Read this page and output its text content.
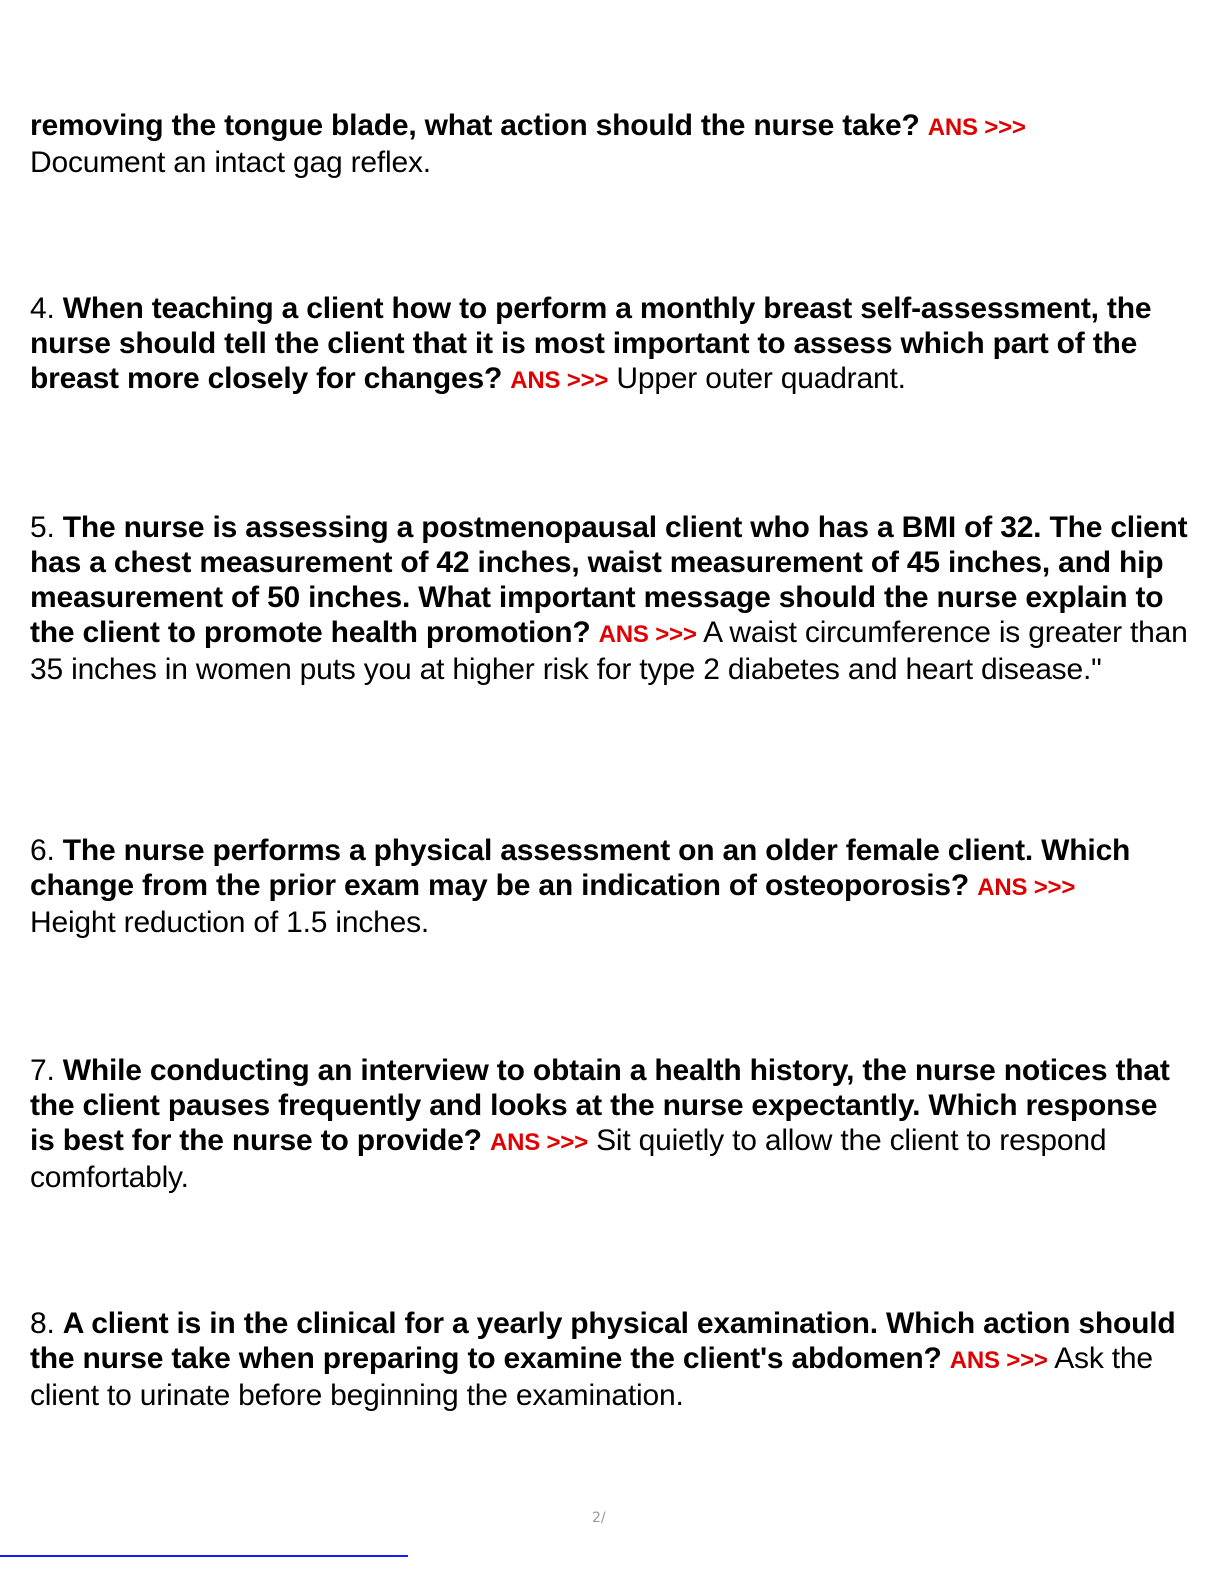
removing the tongue blade, what action should the nurse take? ANS >>>
Document an intact gag reflex.

4. When teaching a client how to perform a monthly breast self-assessment, the nurse should tell the client that it is most important to assess which part of the breast more closely for changes? ANS >>> Upper outer quadrant.

5. The nurse is assessing a postmenopausal client who has a BMI of 32. The client has a chest measurement of 42 inches, waist measurement of 45 inches, and hip measurement of 50 inches. What important message should the nurse explain to the client to promote health promotion? ANS >>> A waist circumference is greater than 35 inches in women puts you at higher risk for type 2 diabetes and heart disease."

6. The nurse performs a physical assessment on an older female client. Which change from the prior exam may be an indication of osteoporosis? ANS >>>
Height reduction of 1.5 inches.

7. While conducting an interview to obtain a health history, the nurse notices that the client pauses frequently and looks at the nurse expectantly. Which response is best for the nurse to provide? ANS >>> Sit quietly to allow the client to respond comfortably.

8. A client is in the clinical for a yearly physical examination. Which action should the nurse take when preparing to examine the client's abdomen? ANS >>> Ask the client to urinate before beginning the examination.

2/
